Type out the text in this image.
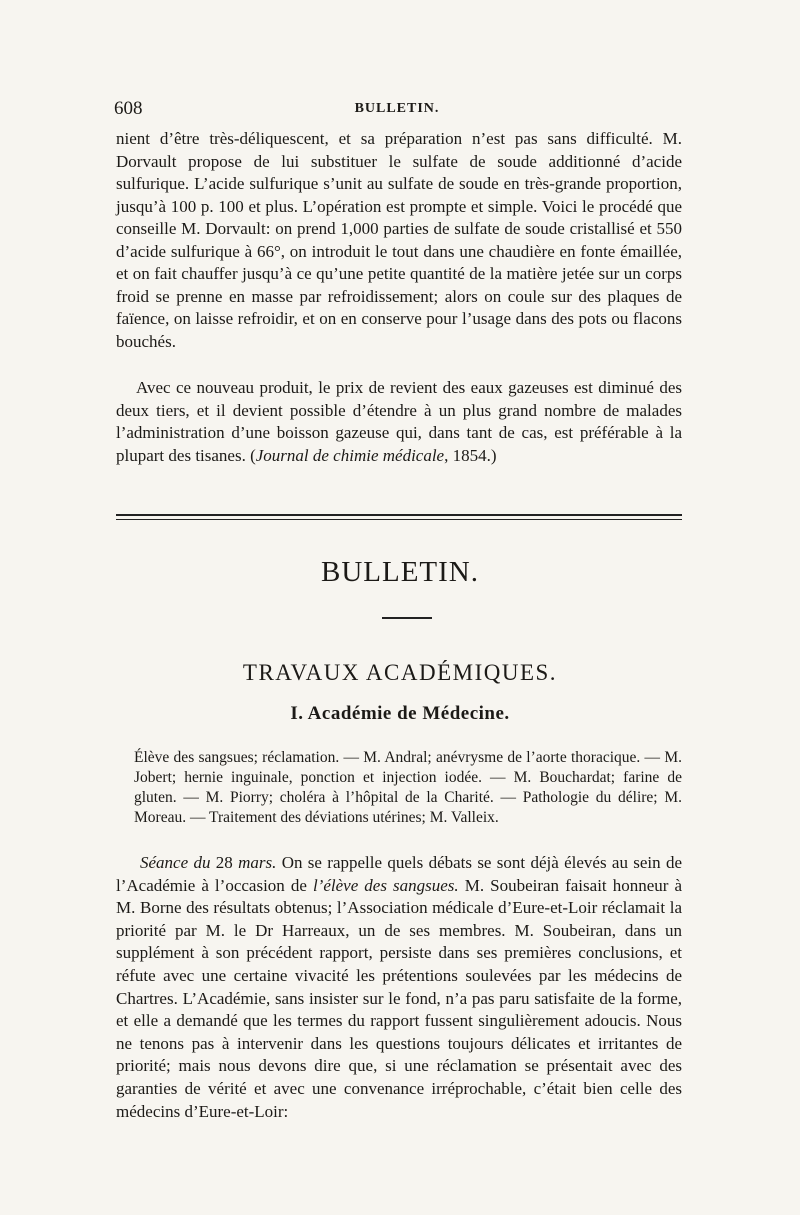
608	BULLETIN.

nient d’être très-déliquescent, et sa préparation n’est pas sans difficulté. M. Dorvault propose de lui substituer le sulfate de soude additionné d’acide sulfurique. L’acide sulfurique s’unit au sulfate de soude en très-grande proportion, jusqu’à 100 p. 100 et plus. L’opération est prompte et simple. Voici le procédé que conseille M. Dorvault: on prend 1,000 parties de sulfate de soude cristallisé et 550 d’acide sulfurique à 66°, on introduit le tout dans une chaudière en fonte émaillée, et on fait chauffer jusqu’à ce qu’une petite quantité de la matière jetée sur un corps froid se prenne en masse par refroidissement; alors on coule sur des plaques de faïence, on laisse refroidir, et on en conserve pour l’usage dans des pots ou flacons bouchés.

Avec ce nouveau produit, le prix de revient des eaux gazeuses est diminué des deux tiers, et il devient possible d’étendre à un plus grand nombre de malades l’administration d’une boisson gazeuse qui, dans tant de cas, est préférable à la plupart des tisanes. (Journal de chimie médicale, 1854.)

BULLETIN.
TRAVAUX ACADÉMIQUES.
I. Académie de Médecine.

Élève des sangsues; réclamation. — M. Andral; anévrysme de l’aorte thoracique. — M. Jobert; hernie inguinale, ponction et injection iodée. — M. Bouchardat; farine de gluten. — M. Piorry; choléra à l’hôpital de la Charité. — Pathologie du délire; M. Moreau. — Traitement des déviations utérines; M. Valleix.

Séance du 28 mars. On se rappelle quels débats se sont déjà élevés au sein de l’Académie à l’occasion de l’élève des sangsues. M. Soubeiran faisait honneur à M. Borne des résultats obtenus; l’Association médicale d’Eure-et-Loir réclamait la priorité par M. le Dr Harreaux, un de ses membres. M. Soubeiran, dans un supplément à son précédent rapport, persiste dans ses premières conclusions, et réfute avec une certaine vivacité les prétentions soulevées par les médecins de Chartres. L’Académie, sans insister sur le fond, n’a pas paru satisfaite de la forme, et elle a demandé que les termes du rapport fussent singulièrement adoucis. Nous ne tenons pas à intervenir dans les questions toujours délicates et irritantes de priorité; mais nous devons dire que, si une réclamation se présentait avec des garanties de vérité et avec une convenance irréprochable, c’était bien celle des médecins d’Eure-et-Loir:
